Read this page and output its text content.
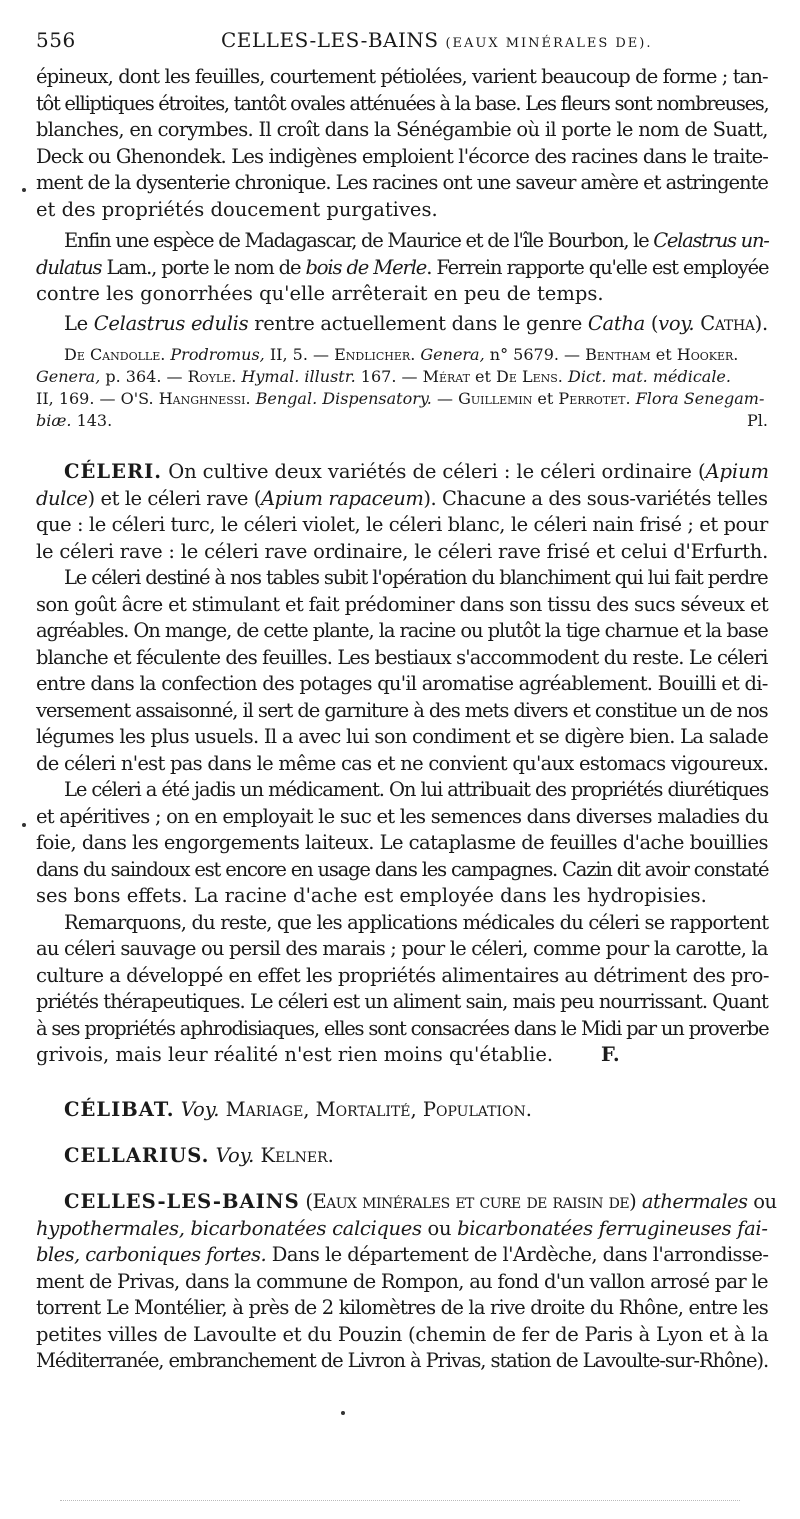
556	CELLES-LES-BAINS (EAUX MINÉRALES DE).
épineux, dont les feuilles, courtement pétiolées, varient beaucoup de forme ; tan-
tôt elliptiques étroites, tantôt ovales atténuées à la base. Les fleurs sont nombreuses,
blanches, en corymbes. Il croît dans la Sénégambie où il porte le nom de Suatt,
Deck ou Ghenondek. Les indigènes emploient l'écorce des racines dans le traite-
ment de la dysenterie chronique. Les racines ont une saveur amère et astringente
et des propriétés doucement purgatives.
Enfin une espèce de Madagascar, de Maurice et de l'île Bourbon, le Celastrus un-
dulatus Lam., porte le nom de bois de Merle. Ferrein rapporte qu'elle est employée
contre les gonorrhées qu'elle arrêterait en peu de temps.
Le Celastrus edulis rentre actuellement dans le genre Catha (voy. Catha).
De Candolle. Prodromus, II, 5. — Endlicher. Genera, n° 5679. — Bentham et Hooker.
Genera, p. 364. — Royle. Hymal. illustr. 167. — Mérat et De Lens. Dict. mat. médicale.
II, 169. — O'S. Hanghnessi. Bengal. Dispensatory. — Guillemin et Perrotet. Flora Senegam-
biæ. 143.	Pl.
CÉLERI. On cultive deux variétés de céleri : le céleri ordinaire (Apium
dulce) et le céleri rave (Apium rapaceum). Chacune a des sous-variétés telles
que : le céleri turc, le céleri violet, le céleri blanc, le céleri nain frisé ; et pour
le céleri rave : le céleri rave ordinaire, le céleri rave frisé et celui d'Erfurth.
Le céleri destiné à nos tables subit l'opération du blanchiment qui lui fait perdre
son goût âcre et stimulant et fait prédominer dans son tissu des sucs séveux et
agréables. On mange, de cette plante, la racine ou plutôt la tige charnue et la base
blanche et féculente des feuilles. Les bestiaux s'accommodent du reste. Le céleri
entre dans la confection des potages qu'il aromatise agréablement. Bouilli et di-
versement assaisonné, il sert de garniture à des mets divers et constitue un de nos
légumes les plus usuels. Il a avec lui son condiment et se digère bien. La salade
de céleri n'est pas dans le même cas et ne convient qu'aux estomacs vigoureux.
Le céleri a été jadis un médicament. On lui attribuait des propriétés diurétiques
et apéritives ; on en employait le suc et les semences dans diverses maladies du
foie, dans les engorgements laiteux. Le cataplasme de feuilles d'ache bouillies
dans du saindoux est encore en usage dans les campagnes. Cazin dit avoir constaté
ses bons effets. La racine d'ache est employée dans les hydropisies.
Remarquons, du reste, que les applications médicales du céleri se rapportent
au céleri sauvage ou persil des marais ; pour le céleri, comme pour la carotte, la
culture a développé en effet les propriétés alimentaires au détriment des pro-
priétés thérapeutiques. Le céleri est un aliment sain, mais peu nourrissant. Quant
à ses propriétés aphrodisiaques, elles sont consacrées dans le Midi par un proverbe
grivois, mais leur réalité n'est rien moins qu'établie. F.
CÉLIBAT. Voy. Mariage, Mortalité, Population.
CELLARIUS. Voy. Kelner.
CELLES-LES-BAINS (Eaux minérales et cure de raisin de) athermales ou
hypothermales, bicarbonatées calciques ou bicarbonatées ferrugineuses fai-
bles, carboniques fortes. Dans le département de l'Ardèche, dans l'arrondisse-
ment de Privas, dans la commune de Rompon, au fond d'un vallon arrosé par le
torrent Le Montélier, à près de 2 kilomètres de la rive droite du Rhône, entre les
petites villes de Lavoulte et du Pouzin (chemin de fer de Paris à Lyon et à la
Méditerranée, embranchement de Livron à Privas, station de Lavoulte-sur-Rhône).
